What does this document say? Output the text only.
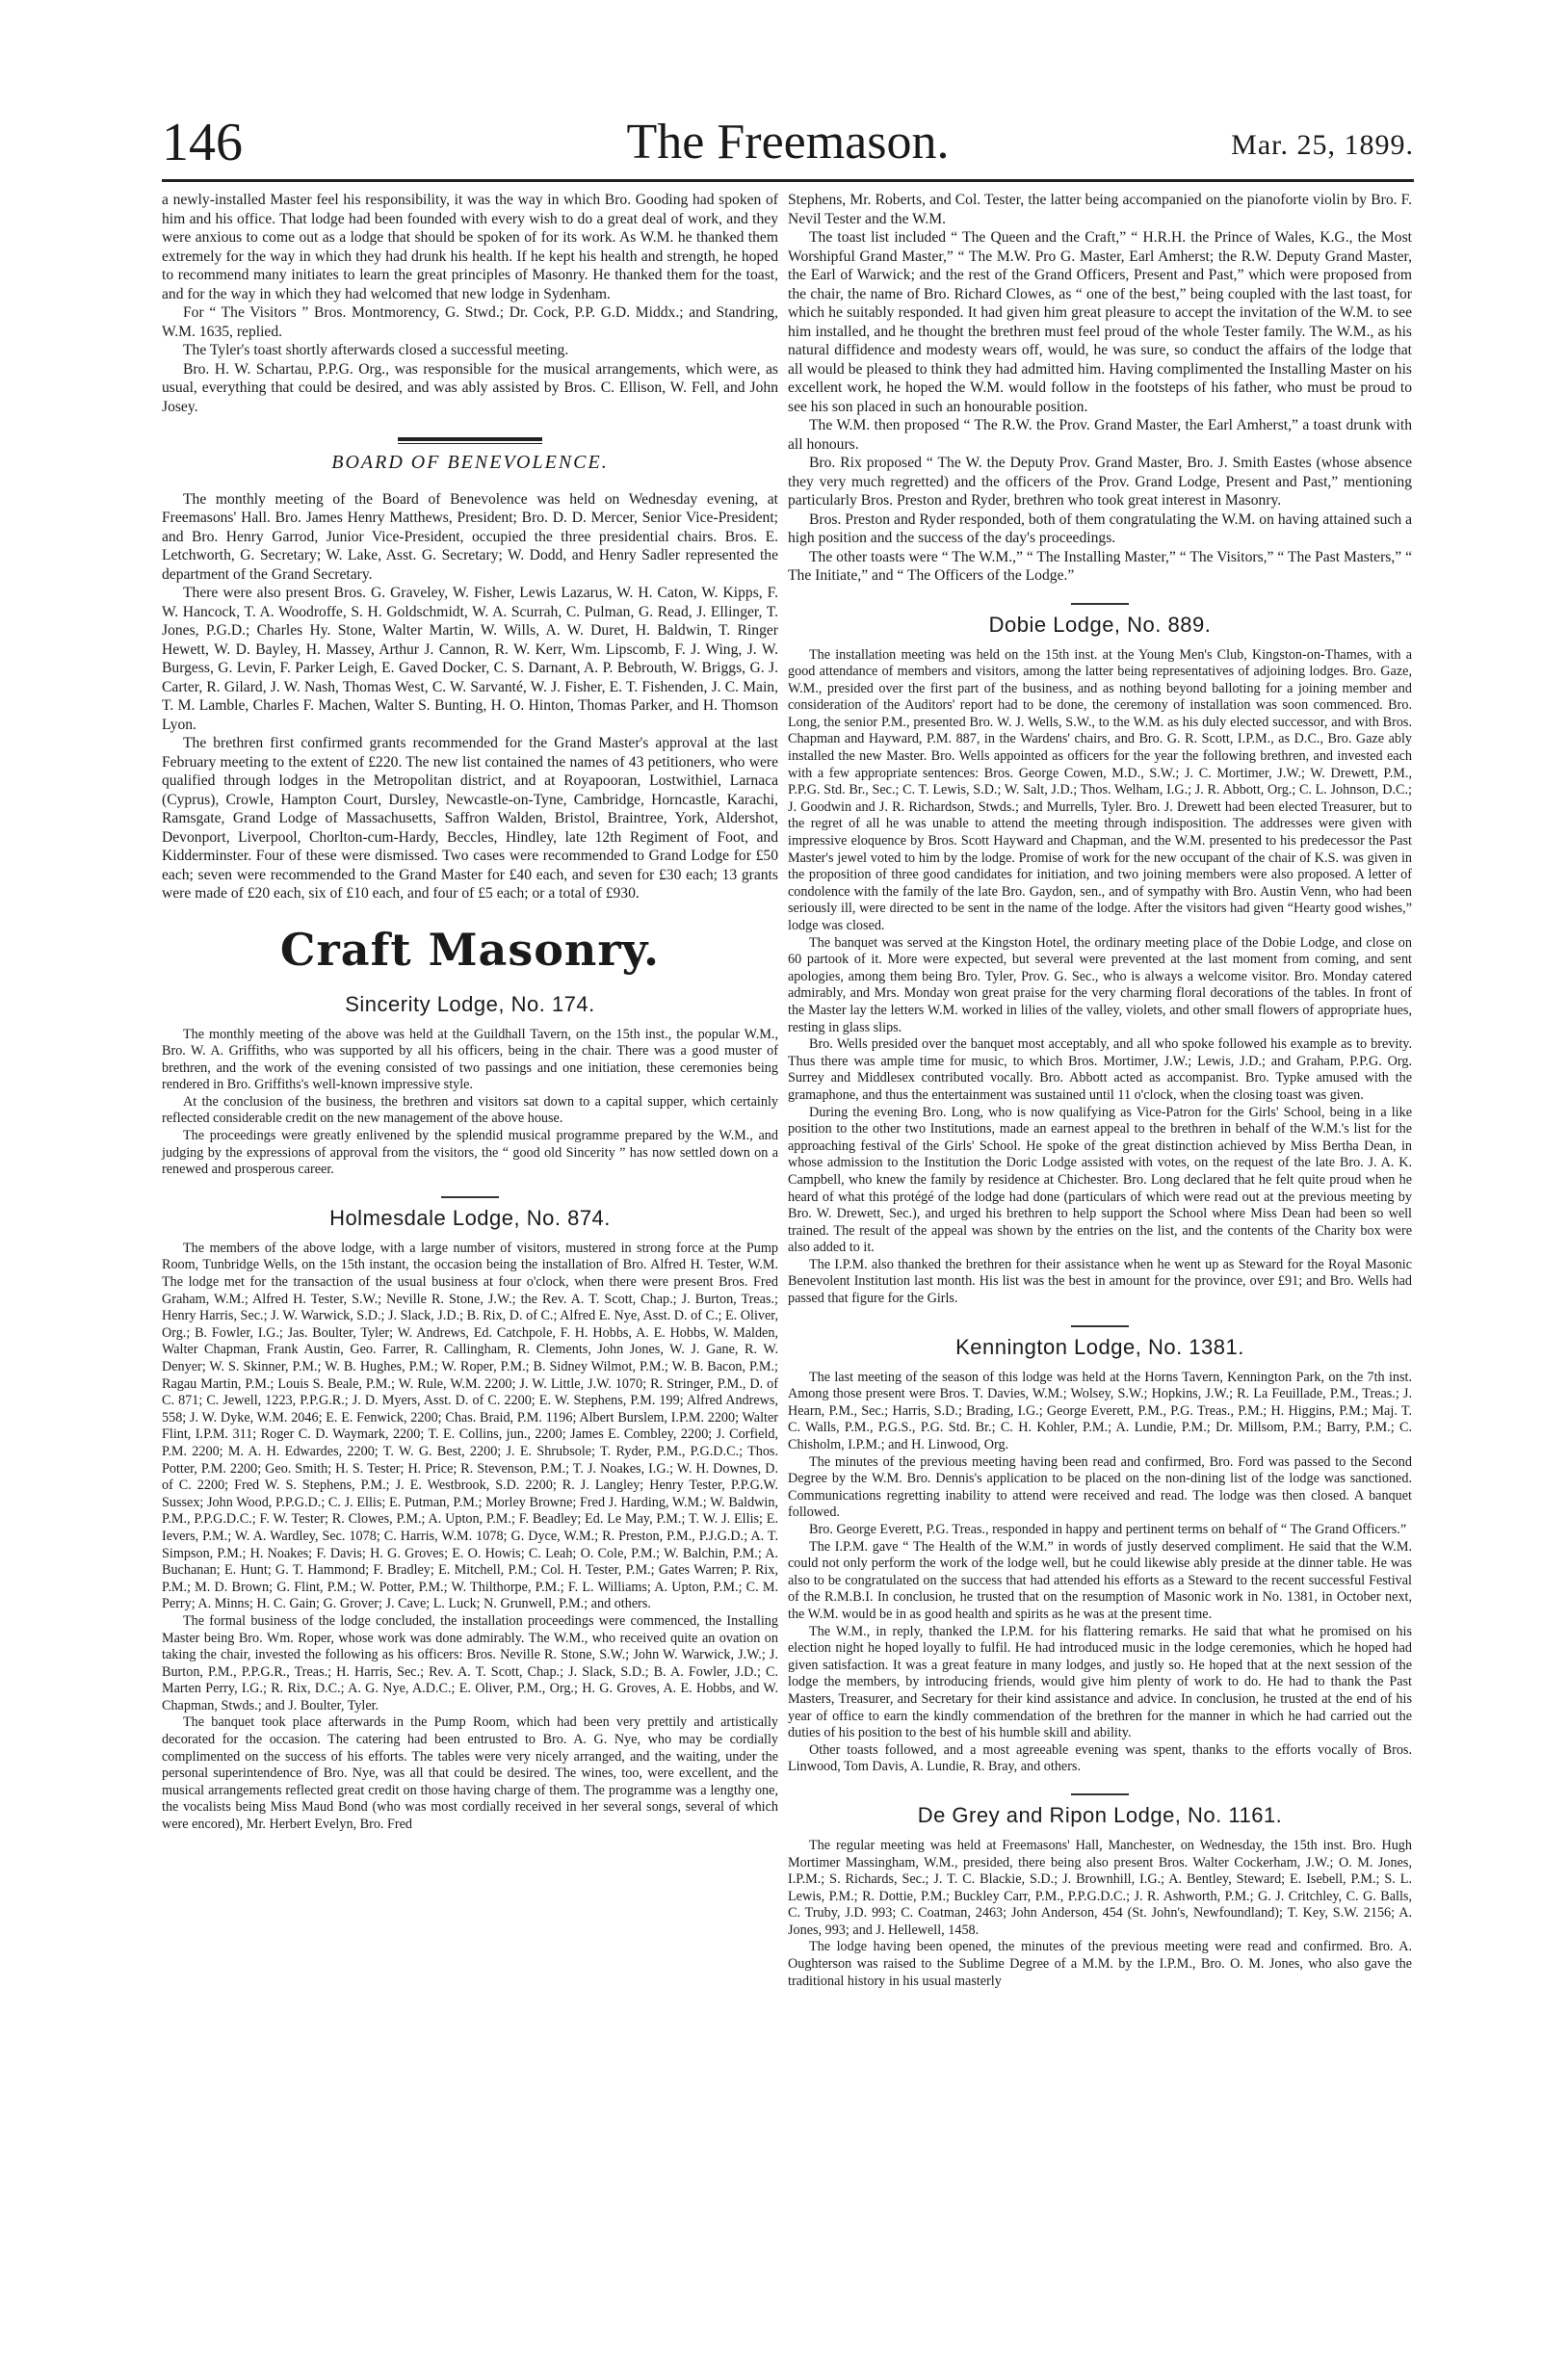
146	The Freemason.	Mar. 25, 1899.

a newly-installed Master feel his responsibility, it was the way in which Bro. Gooding had spoken of him and his office. That lodge had been founded with every wish to do a great deal of work, and they were anxious to come out as a lodge that should be spoken of for its work. As W.M. he thanked them extremely for the way in which they had drunk his health. If he kept his health and strength, he hoped to recommend many initiates to learn the great principles of Masonry. He thanked them for the toast, and for the way in which they had welcomed that new lodge in Sydenham.

For “ The Visitors ” Bros. Montmorency, G. Stwd.; Dr. Cock, P.P. G.D. Middx.; and Standring, W.M. 1635, replied.

The Tyler's toast shortly afterwards closed a successful meeting.

Bro. H. W. Schartau, P.P.G. Org., was responsible for the musical arrangements, which were, as usual, everything that could be desired, and was ably assisted by Bros. C. Ellison, W. Fell, and John Josey.

BOARD OF BENEVOLENCE.

The monthly meeting of the Board of Benevolence was held on Wednesday evening, at Freemasons' Hall. Bro. James Henry Matthews, President; Bro. D. D. Mercer, Senior Vice-President; and Bro. Henry Garrod, Junior Vice-President, occupied the three presidential chairs. Bros. E. Letchworth, G. Secretary; W. Lake, Asst. G. Secretary; W. Dodd, and Henry Sadler represented the department of the Grand Secretary.

There were also present Bros. G. Graveley, W. Fisher, Lewis Lazarus, W. H. Caton, W. Kipps, F. W. Hancock, T. A. Woodroffe, S. H. Goldschmidt, W. A. Scurrah, C. Pulman, G. Read, J. Ellinger, T. Jones, P.G.D.; Charles Hy. Stone, Walter Martin, W. Wills, A. W. Duret, H. Baldwin, T. Ringer Hewett, W. D. Bayley, H. Massey, Arthur J. Cannon, R. W. Kerr, Wm. Lipscomb, F. J. Wing, J. W. Burgess, G. Levin, F. Parker Leigh, E. Gaved Docker, C. S. Darnant, A. P. Bebrouth, W. Briggs, G. J. Carter, R. Gilard, J. W. Nash, Thomas West, C. W. Sarvanté, W. J. Fisher, E. T. Fishenden, J. C. Main, T. M. Lamble, Charles F. Machen, Walter S. Bunting, H. O. Hinton, Thomas Parker, and H. Thomson Lyon.

The brethren first confirmed grants recommended for the Grand Master's approval at the last February meeting to the extent of £220. The new list contained the names of 43 petitioners, who were qualified through lodges in the Metropolitan district, and at Royapooran, Lostwithiel, Larnaca (Cyprus), Crowle, Hampton Court, Dursley, Newcastle-on-Tyne, Cambridge, Horncastle, Karachi, Ramsgate, Grand Lodge of Massachusetts, Saffron Walden, Bristol, Braintree, York, Aldershot, Devonport, Liverpool, Chorlton-cum-Hardy, Beccles, Hindley, late 12th Regiment of Foot, and Kidderminster. Four of these were dismissed. Two cases were recommended to Grand Lodge for £50 each; seven were recommended to the Grand Master for £40 each, and seven for £30 each; 13 grants were made of £20 each, six of £10 each, and four of £5 each; or a total of £930.

Craft Masonry.
Sincerity Lodge, No. 174.

The monthly meeting of the above was held at the Guildhall Tavern, on the 15th inst., the popular W.M., Bro. W. A. Griffiths, who was supported by all his officers, being in the chair. There was a good muster of brethren, and the work of the evening consisted of two passings and one initiation, these ceremonies being rendered in Bro. Griffiths's well-known impressive style.

At the conclusion of the business, the brethren and visitors sat down to a capital supper, which certainly reflected considerable credit on the new management of the above house.

The proceedings were greatly enlivened by the splendid musical programme prepared by the W.M., and judging by the expressions of approval from the visitors, the “ good old Sincerity ” has now settled down on a renewed and prosperous career.

Holmesdale Lodge, No. 874.

The members of the above lodge, with a large number of visitors, mustered in strong force at the Pump Room, Tunbridge Wells, on the 15th instant, the occasion being the installation of Bro. Alfred H. Tester, W.M. The lodge met for the transaction of the usual business at four o'clock, when there were present Bros. Fred Graham, W.M.; Alfred H. Tester, S.W.; Neville R. Stone, J.W.; the Rev. A. T. Scott, Chap.; J. Burton, Treas.; Henry Harris, Sec.; J. W. Warwick, S.D.; J. Slack, J.D.; B. Rix, D. of C.; Alfred E. Nye, Asst. D. of C.; E. Oliver, Org.; B. Fowler, I.G.; Jas. Boulter, Tyler; W. Andrews, Ed. Catchpole, F. H. Hobbs, A. E. Hobbs, W. Malden, Walter Chapman, Frank Austin, Geo. Farrer, R. Callingham, R. Clements, John Jones, W. J. Gane, R. W. Denyer; W. S. Skinner, P.M.; W. B. Hughes, P.M.; W. Roper, P.M.; B. Sidney Wilmot, P.M.; W. B. Bacon, P.M.; Ragau Martin, P.M.; Louis S. Beale, P.M.; W. Rule, W.M. 2200; J. W. Little, J.W. 1070; R. Stringer, P.M., D. of C. 871; C. Jewell, 1223, P.P.G.R.; J. D. Myers, Asst. D. of C. 2200; E. W. Stephens, P.M. 199; Alfred Andrews, 558; J. W. Dyke, W.M. 2046; E. E. Fenwick, 2200; Chas. Braid, P.M. 1196; Albert Burslem, I.P.M. 2200; Walter Flint, I.P.M. 311; Roger C. D. Waymark, 2200; T. E. Collins, jun., 2200; James E. Combley, 2200; J. Corfield, P.M. 2200; M. A. H. Edwardes, 2200; T. W. G. Best, 2200; J. E. Shrubsole; T. Ryder, P.M., P.G.D.C.; Thos. Potter, P.M. 2200; Geo. Smith; H. S. Tester; H. Price; R. Stevenson, P.M.; T. J. Noakes, I.G.; W. H. Downes, D. of C. 2200; Fred W. S. Stephens, P.M.; J. E. Westbrook, S.D. 2200; R. J. Langley; Henry Tester, P.P.G.W. Sussex; John Wood, P.P.G.D.; C. J. Ellis; E. Putman, P.M.; Morley Browne; Fred J. Harding, W.M.; W. Baldwin, P.M., P.P.G.D.C.; F. W. Tester; R. Clowes, P.M.; A. Upton, P.M.; F. Beadley; Ed. Le May, P.M.; T. W. J. Ellis; E. Ievers, P.M.; W. A. Wardley, Sec. 1078; C. Harris, W.M. 1078; G. Dyce, W.M.; R. Preston, P.M., P.J.G.D.; A. T. Simpson, P.M.; H. Noakes; F. Davis; H. G. Groves; E. O. Howis; C. Leah; O. Cole, P.M.; W. Balchin, P.M.; A. Buchanan; E. Hunt; G. T. Hammond; F. Bradley; E. Mitchell, P.M.; Col. H. Tester, P.M.; Gates Warren; P. Rix, P.M.; M. D. Brown; G. Flint, P.M.; W. Potter, P.M.; W. Thilthorpe, P.M.; F. L. Williams; A. Upton, P.M.; C. M. Perry; A. Minns; H. C. Gain; G. Grover; J. Cave; L. Luck; N. Grunwell, P.M.; and others.

The formal business of the lodge concluded, the installation proceedings were commenced, the Installing Master being Bro. Wm. Roper, whose work was done admirably. The W.M., who received quite an ovation on taking the chair, invested the following as his officers: Bros. Neville R. Stone, S.W.; John W. Warwick, J.W.; J. Burton, P.M., P.P.G.R., Treas.; H. Harris, Sec.; Rev. A. T. Scott, Chap.; J. Slack, S.D.; B. A. Fowler, J.D.; C. Marten Perry, I.G.; R. Rix, D.C.; A. G. Nye, A.D.C.; E. Oliver, P.M., Org.; H. G. Groves, A. E. Hobbs, and W. Chapman, Stwds.; and J. Boulter, Tyler.

The banquet took place afterwards in the Pump Room, which had been very prettily and artistically decorated for the occasion. The catering had been entrusted to Bro. A. G. Nye, who may be cordially complimented on the success of his efforts. The tables were very nicely arranged, and the waiting, under the personal superintendence of Bro. Nye, was all that could be desired. The wines, too, were excellent, and the musical arrangements reflected great credit on those having charge of them. The programme was a lengthy one, the vocalists being Miss Maud Bond (who was most cordially received in her several songs, several of which were encored), Mr. Herbert Evelyn, Bro. Fred

Stephens, Mr. Roberts, and Col. Tester, the latter being accompanied on the pianoforte violin by Bro. F. Nevil Tester and the W.M.

The toast list included “ The Queen and the Craft,” “ H.R.H. the Prince of Wales, K.G., the Most Worshipful Grand Master,” “ The M.W. Pro G. Master, Earl Amherst; the R.W. Deputy Grand Master, the Earl of Warwick; and the rest of the Grand Officers, Present and Past,” which were proposed from the chair, the name of Bro. Richard Clowes, as “ one of the best,” being coupled with the last toast, for which he suitably responded. It had given him great pleasure to accept the invitation of the W.M. to see him installed, and he thought the brethren must feel proud of the whole Tester family. The W.M., as his natural diffidence and modesty wears off, would, he was sure, so conduct the affairs of the lodge that all would be pleased to think they had admitted him. Having complimented the Installing Master on his excellent work, he hoped the W.M. would follow in the footsteps of his father, who must be proud to see his son placed in such an honourable position.

The W.M. then proposed “ The R.W. the Prov. Grand Master, the Earl Amherst,” a toast drunk with all honours.

Bro. Rix proposed “ The W. the Deputy Prov. Grand Master, Bro. J. Smith Eastes (whose absence they very much regretted) and the officers of the Prov. Grand Lodge, Present and Past,” mentioning particularly Bros. Preston and Ryder, brethren who took great interest in Masonry.

Bros. Preston and Ryder responded, both of them congratulating the W.M. on having attained such a high position and the success of the day's proceedings.

The other toasts were “ The W.M.,” “ The Installing Master,” “ The Visitors,” “ The Past Masters,” “ The Initiate,” and “ The Officers of the Lodge.”

Dobie Lodge, No. 889.

The installation meeting was held on the 15th inst. at the Young Men's Club, Kingston-on-Thames, with a good attendance of members and visitors, among the latter being representatives of adjoining lodges. Bro. Gaze, W.M., presided over the first part of the business, and as nothing beyond balloting for a joining member and consideration of the Auditors' report had to be done, the ceremony of installation was soon commenced. Bro. Long, the senior P.M., presented Bro. W. J. Wells, S.W., to the W.M. as his duly elected successor, and with Bros. Chapman and Hayward, P.M. 887, in the Wardens' chairs, and Bro. G. R. Scott, I.P.M., as D.C., Bro. Gaze ably installed the new Master. Bro. Wells appointed as officers for the year the following brethren, and invested each with a few appropriate sentences: Bros. George Cowen, M.D., S.W.; J. C. Mortimer, J.W.; W. Drewett, P.M., P.P.G. Std. Br., Sec.; C. T. Lewis, S.D.; W. Salt, J.D.; Thos. Welham, I.G.; J. R. Abbott, Org.; C. L. Johnson, D.C.; J. Goodwin and J. R. Richardson, Stwds.; and Murrells, Tyler. Bro. J. Drewett had been elected Treasurer, but to the regret of all he was unable to attend the meeting through indisposition. The addresses were given with impressive eloquence by Bros. Scott Hayward and Chapman, and the W.M. presented to his predecessor the Past Master's jewel voted to him by the lodge. Promise of work for the new occupant of the chair of K.S. was given in the proposition of three good candidates for initiation, and two joining members were also proposed. A letter of condolence with the family of the late Bro. Gaydon, sen., and of sympathy with Bro. Austin Venn, who had been seriously ill, were directed to be sent in the name of the lodge. After the visitors had given “Hearty good wishes,” lodge was closed.

The banquet was served at the Kingston Hotel, the ordinary meeting place of the Dobie Lodge, and close on 60 partook of it. More were expected, but several were prevented at the last moment from coming, and sent apologies, among them being Bro. Tyler, Prov. G. Sec., who is always a welcome visitor. Bro. Monday catered admirably, and Mrs. Monday won great praise for the very charming floral decorations of the tables. In front of the Master lay the letters W.M. worked in lilies of the valley, violets, and other small flowers of appropriate hues, resting in glass slips.

Bro. Wells presided over the banquet most acceptably, and all who spoke followed his example as to brevity. Thus there was ample time for music, to which Bros. Mortimer, J.W.; Lewis, J.D.; and Graham, P.P.G. Org. Surrey and Middlesex contributed vocally. Bro. Abbott acted as accompanist. Bro. Typke amused with the gramaphone, and thus the entertainment was sustained until 11 o'clock, when the closing toast was given.

During the evening Bro. Long, who is now qualifying as Vice-Patron for the Girls' School, being in a like position to the other two Institutions, made an earnest appeal to the brethren in behalf of the W.M.'s list for the approaching festival of the Girls' School. He spoke of the great distinction achieved by Miss Bertha Dean, in whose admission to the Institution the Doric Lodge assisted with votes, on the request of the late Bro. J. A. K. Campbell, who knew the family by residence at Chichester. Bro. Long declared that he felt quite proud when he heard of what this protégé of the lodge had done (particulars of which were read out at the previous meeting by Bro. W. Drewett, Sec.), and urged his brethren to help support the School where Miss Dean had been so well trained. The result of the appeal was shown by the entries on the list, and the contents of the Charity box were also added to it.

The I.P.M. also thanked the brethren for their assistance when he went up as Steward for the Royal Masonic Benevolent Institution last month. His list was the best in amount for the province, over £91; and Bro. Wells had passed that figure for the Girls.

Kennington Lodge, No. 1381.

The last meeting of the season of this lodge was held at the Horns Tavern, Kennington Park, on the 7th inst. Among those present were Bros. T. Davies, W.M.; Wolsey, S.W.; Hopkins, J.W.; R. La Feuillade, P.M., Treas.; J. Hearn, P.M., Sec.; Harris, S.D.; Brading, I.G.; George Everett, P.M., P.G. Treas., P.M.; H. Higgins, P.M.; Maj. T. C. Walls, P.M., P.G.S., P.G. Std. Br.; C. H. Kohler, P.M.; A. Lundie, P.M.; Dr. Millsom, P.M.; Barry, P.M.; C. Chisholm, I.P.M.; and H. Linwood, Org.

The minutes of the previous meeting having been read and confirmed, Bro. Ford was passed to the Second Degree by the W.M. Bro. Dennis's application to be placed on the non-dining list of the lodge was sanctioned. Communications regretting inability to attend were received and read. The lodge was then closed. A banquet followed.

Bro. George Everett, P.G. Treas., responded in happy and pertinent terms on behalf of “ The Grand Officers.”

The I.P.M. gave “ The Health of the W.M.” in words of justly deserved compliment. He said that the W.M. could not only perform the work of the lodge well, but he could likewise ably preside at the dinner table. He was also to be congratulated on the success that had attended his efforts as a Steward to the recent successful Festival of the R.M.B.I. In conclusion, he trusted that on the resumption of Masonic work in No. 1381, in October next, the W.M. would be in as good health and spirits as he was at the present time.

The W.M., in reply, thanked the I.P.M. for his flattering remarks. He said that what he promised on his election night he hoped loyally to fulfil. He had introduced music in the lodge ceremonies, which he hoped had given satisfaction. It was a great feature in many lodges, and justly so. He hoped that at the next session of the lodge the members, by introducing friends, would give him plenty of work to do. He had to thank the Past Masters, Treasurer, and Secretary for their kind assistance and advice. In conclusion, he trusted at the end of his year of office to earn the kindly commendation of the brethren for the manner in which he had carried out the duties of his position to the best of his humble skill and ability.

Other toasts followed, and a most agreeable evening was spent, thanks to the efforts vocally of Bros. Linwood, Tom Davis, A. Lundie, R. Bray, and others.

De Grey and Ripon Lodge, No. 1161.

The regular meeting was held at Freemasons' Hall, Manchester, on Wednesday, the 15th inst. Bro. Hugh Mortimer Massingham, W.M., presided, there being also present Bros. Walter Cockerham, J.W.; O. M. Jones, I.P.M.; S. Richards, Sec.; J. T. C. Blackie, S.D.; J. Brownhill, I.G.; A. Bentley, Steward; E. Isebell, P.M.; S. L. Lewis, P.M.; R. Dottie, P.M.; Buckley Carr, P.M., P.P.G.D.C.; J. R. Ashworth, P.M.; G. J. Critchley, C. G. Balls, C. Truby, J.D. 993; C. Coatman, 2463; John Anderson, 454 (St. John's, Newfoundland); T. Key, S.W. 2156; A. Jones, 993; and J. Hellewell, 1458.

The lodge having been opened, the minutes of the previous meeting were read and confirmed. Bro. A. Oughterson was raised to the Sublime Degree of a M.M. by the I.P.M., Bro. O. M. Jones, who also gave the traditional history in his usual masterly
